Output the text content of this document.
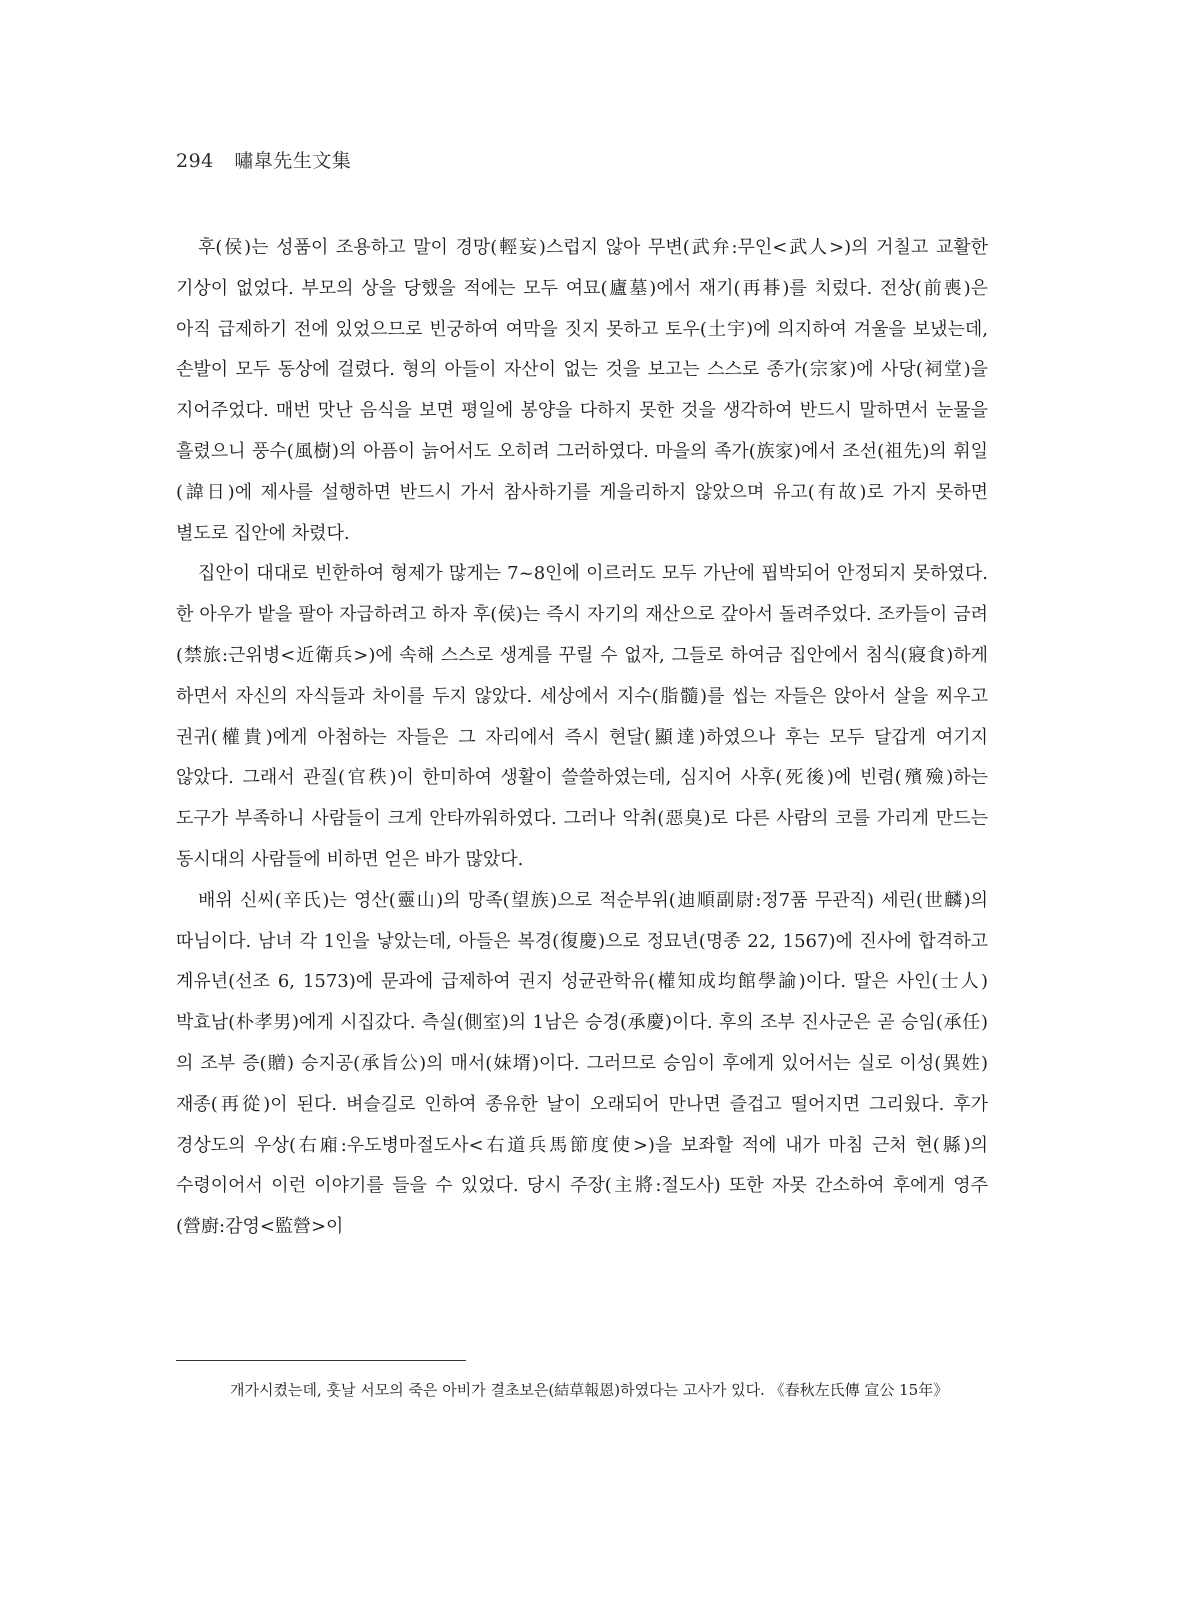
294 嘯皐先生文集

후(侯)는 성품이 조용하고 말이 경망(輕妄)스럽지 않아 무변(武弁:무인<武人>)의 거칠고 교활한 기상이 없었다. 부모의 상을 당했을 적에는 모두 여묘(廬墓)에서 재기(再朞)를 치렀다. 전상(前喪)은 아직 급제하기 전에 있었으므로 빈궁하여 여막을 짓지 못하고 토우(土宇)에 의지하여 겨울을 보냈는데, 손발이 모두 동상에 걸렸다. 형의 아들이 자산이 없는 것을 보고는 스스로 종가(宗家)에 사당(祠堂)을 지어주었다. 매번 맛난 음식을 보면 평일에 봉양을 다하지 못한 것을 생각하여 반드시 말하면서 눈물을 흘렸으니 풍수(風樹)의 아픔이 늙어서도 오히려 그러하였다. 마을의 족가(族家)에서 조선(祖先)의 휘일(諱日)에 제사를 설행하면 반드시 가서 참사하기를 게을리하지 않았으며 유고(有故)로 가지 못하면 별도로 집안에 차렸다.

집안이 대대로 빈한하여 형제가 많게는 7~8인에 이르러도 모두 가난에 핍박되어 안정되지 못하였다. 한 아우가 밭을 팔아 자급하려고 하자 후(侯)는 즉시 자기의 재산으로 갚아서 돌려주었다. 조카들이 금려(禁旅:근위병<近衛兵>)에 속해 스스로 생계를 꾸릴 수 없자, 그들로 하여금 집안에서 침식(寢食)하게 하면서 자신의 자식들과 차이를 두지 않았다. 세상에서 지수(脂髓)를 씹는 자들은 앉아서 살을 찌우고 권귀(權貴)에게 아첨하는 자들은 그 자리에서 즉시 현달(顯達)하였으나 후는 모두 달갑게 여기지 않았다. 그래서 관질(官秩)이 한미하여 생활이 쓸쓸하였는데, 심지어 사후(死後)에 빈렴(殯殮)하는 도구가 부족하니 사람들이 크게 안타까워하였다. 그러나 악취(惡臭)로 다른 사람의 코를 가리게 만드는 동시대의 사람들에 비하면 얻은 바가 많았다.

배위 신씨(辛氏)는 영산(靈山)의 망족(望族)으로 적순부위(迪順副尉:정7품 무관직) 세린(世麟)의 따님이다. 남녀 각 1인을 낳았는데, 아들은 복경(復慶)으로 정묘년(명종 22, 1567)에 진사에 합격하고 계유년(선조 6, 1573)에 문과에 급제하여 권지 성균관학유(權知成均館學諭)이다. 딸은 사인(士人) 박효남(朴孝男)에게 시집갔다. 측실(側室)의 1남은 승경(承慶)이다. 후의 조부 진사군은 곧 승임(承任)의 조부 증(贈) 승지공(承旨公)의 매서(妹壻)이다. 그러므로 승임이 후에게 있어서는 실로 이성(異姓) 재종(再從)이 된다. 벼슬길로 인하여 종유한 날이 오래되어 만나면 즐겁고 떨어지면 그리웠다. 후가 경상도의 우상(右廂:우도병마절도사<右道兵馬節度使>)을 보좌할 적에 내가 마침 근처 현(縣)의 수령이어서 이런 이야기를 들을 수 있었다. 당시 주장(主將:절도사) 또한 자못 간소하여 후에게 영주(營廚:감영<監營>이

개가시켰는데, 훗날 서모의 죽은 아비가 결초보은(結草報恩)하였다는 고사가 있다. 《春秋左氏傳 宣公 15年》
